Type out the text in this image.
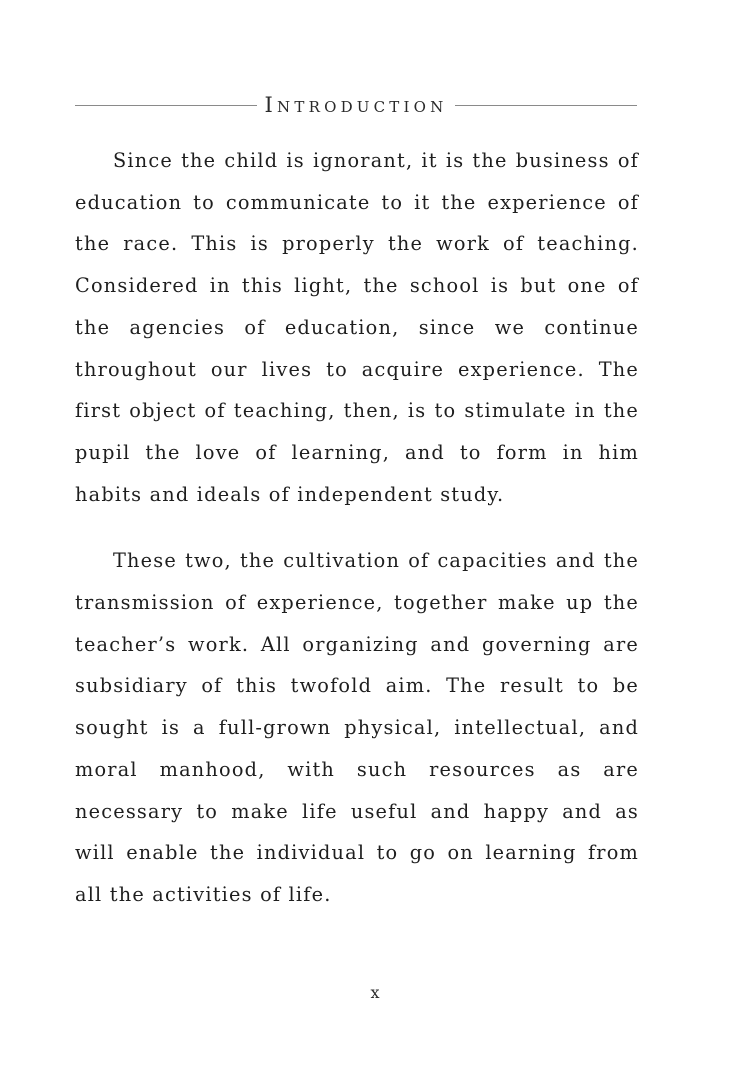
Introduction

Since the child is ignorant, it is the business of education to communicate to it the experience of the race. This is properly the work of teaching. Considered in this light, the school is but one of the agencies of education, since we continue throughout our lives to acquire experience. The first object of teaching, then, is to stimulate in the pupil the love of learning, and to form in him habits and ideals of independent study.

These two, the cultivation of capacities and the transmission of experience, together make up the teacher’s work. All organizing and governing are subsidiary of this twofold aim. The result to be sought is a full-grown physical, intellectual, and moral manhood, with such resources as are necessary to make life useful and happy and as will enable the individual to go on learning from all the activities of life.

x
